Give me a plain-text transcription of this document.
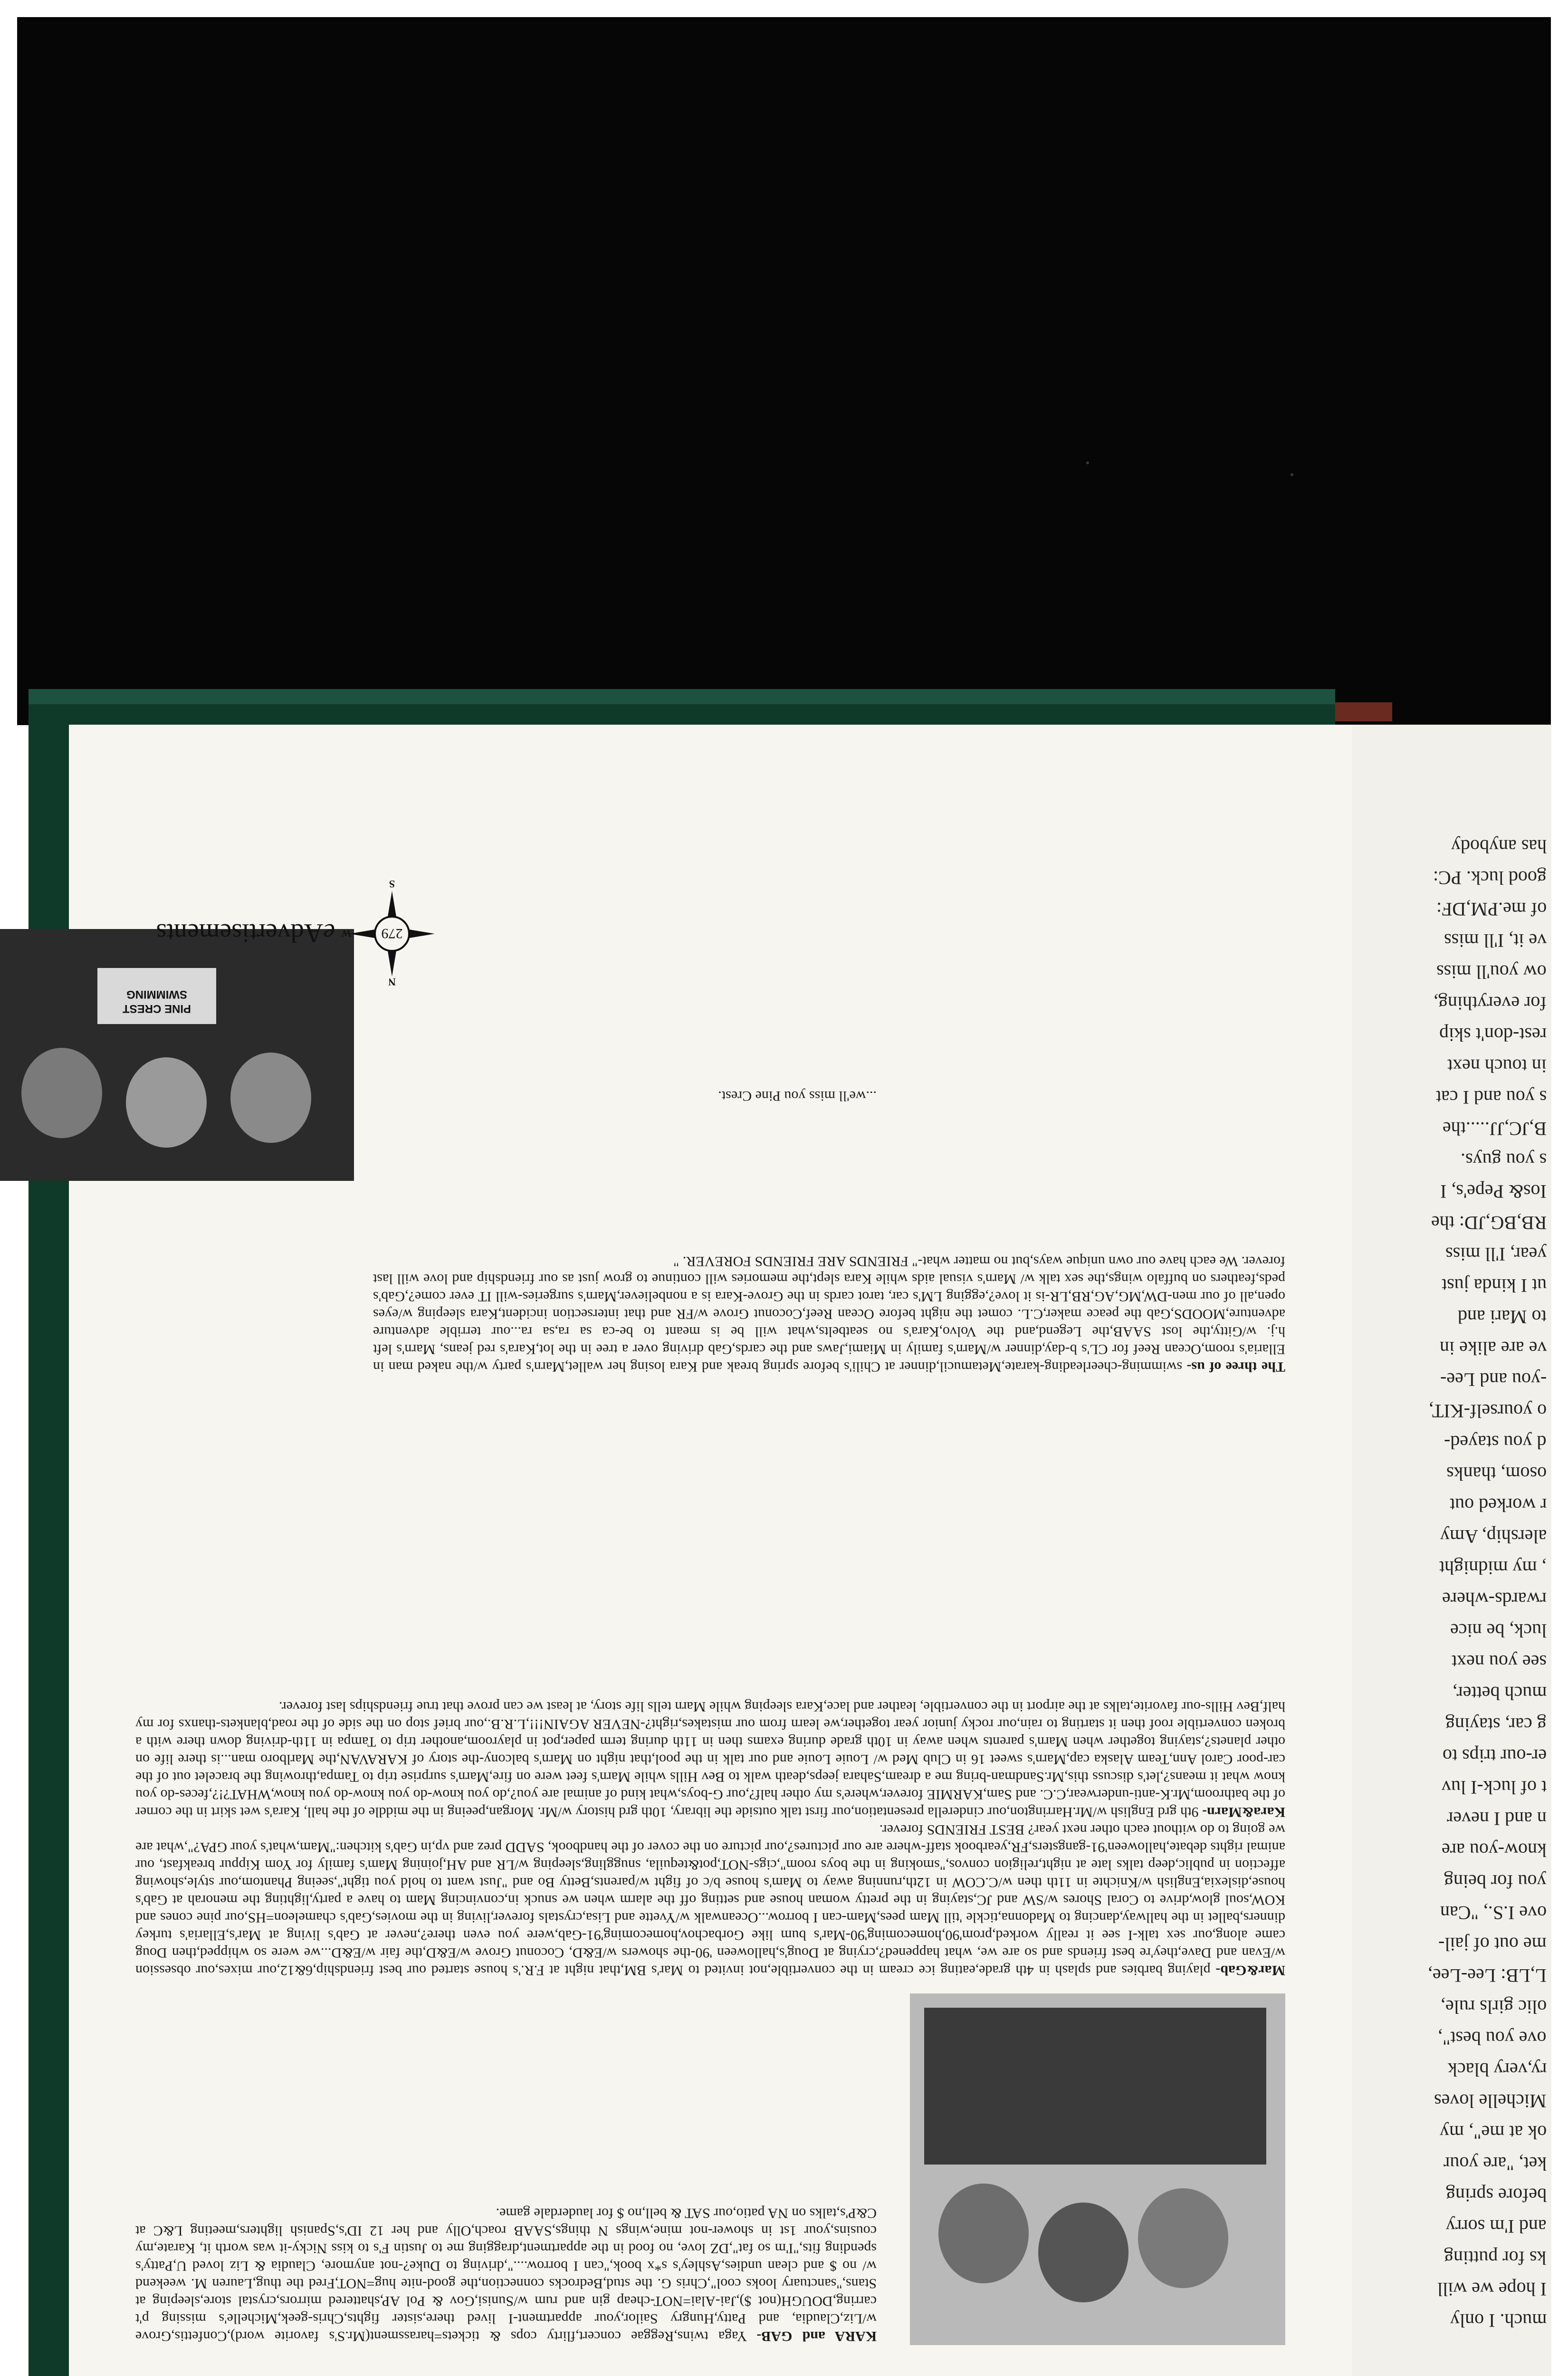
KARA and GAB- Yaga twins,Reggae concert,flirty cops & tickets=harassment(Mr.S's favorite word),Confettis,Grove w/Liz,Claudia, and Patty,Hungry Sailor,your appartment-I lived there,sister fights,Chris-geek,Michelle's missing p't carring,DOUGH(not $),Jai-Alai=NOT-cheap gin and rum w/Sunisi,Gov & Pol AP,shattered mirrors,crystal store,sleeping at Stans,"sanctuary looks cool",Chris G. the stud,Bedrocks connection,the good-nite hug=NOT,Fred the thug,Lauren M. weekend w/ no $ and clean undies,Ashley's s*x book,"can I borrow....",driving to Duke?-not anymore, Claudia & Liz loved U,Patty's spending fits,"I'm so fat",DZ love, no food in the appartment,dragging me to Justin F's to kiss Nicky-it was worth it, Karate,my cousins,your 1st in shower-not mine,wings N things,SAAB roach,Olly and her 12 ID's,Spanish lighters,meeting L&C at C&P's,talks on NA patio,our SAT & bell,no $ for lauderdale game.
Mar&Gab- playing barbies and splash in 4th grade,eating ice cream in the convertible,not invited to Mar's BM,that night at F.R.'s house started our best friendship,6&12,our mixes,our obsession w/Evan and Dave,they're best friends and so are we, what happened?,crying at Doug's,halloween '90-the showers w/E&D, Coconut Grove w/E&D,the fair w/E&D...we were so whipped,then Doug came along,our sex talk-I see it really worked,prom'90,homecoming'90-Mar's bum like Gorbachov,homecoming'91-Gab,were you even there?,never at Gab's living at Mar's,Ellaria's turkey dinners,ballet in the hallway,dancing to Madonna,tickle 'till Mam pees,Mam-can I borrow...Oceanwalk w/Yvette and Lisa,crystals forever,living in the movies,Gab's chameleon=HS,our pine cones and KOW,soul glow,drive to Coral Shores w/SW and JC,staying in the pretty woman house and setting off the alarm when we snuck in,convincing Mam to have a party,lighting the menorah at Gab's house,dislexia,English w/Knichte in 11th then w/C.COW in 12th,running away to Mam's house b/c of fight w/parents,Betty Bo and "Just want to hold you tight",seeing Phantom,our style,showing affection in public,deep talks late at night,religion convos,"smoking in the boys room",cigs-NOT,pot&tequila, snuggling,sleeping w/LR and AH,joining Mam's family for Yom Kippur breakfast, our animal rights debate,halloween'91-gangsters,FR,yearbook staff-where are our pictures?,our picture on the cover of the handbook, SADD prez and vp,in Gab's kitchen:"Mam,what's your GPA?",what are we going to do without each other next year? BEST FRIENDS forever.
Kara&Marn- 9th grd English w/Mr.Harrington,our cinderella presentation,our first talk outside the library, 10th grd history w/Mr. Morgan,peeing in the middle of the hall, Kara's wet skirt in the corner of the bathroom,Mr.K-anti-underwear,C.C. and Sam,KARMIE forever,where's my other half?,our G-boys,what kind of animal are you?,do you know-do you know-do you know,WHAT?!?,feces-do you know what it means?,let's discuss this,Mr.Sandman-bring me a dream,Sahara jeeps,death walk to Bev Hills while Marn's feet were on fire,Marn's surprise trip to Tampa,throwing the bracelet out of the car-poor Carol Ann,Team Alaska cap,Marn's sweet 16 in Club Med w/ Louie Louie and our talk in the pool,that night on Marn's balcony-the story of KARAVAN,the Marlboro man...is there life on other planets?,staying together when Marn's parents when away in 10th grade during exams then in 11th during term paper,pot in playroom,another trip to Tampa in 11th-driving down there with a broken convertible roof then it starting to rain,our rocky junior year together,we learn from our mistakes,right?-NEVER AGAIN!!!,L.R.B.,our brief stop on the side of the road,blankets-thanxs for my half,Bev Hills-our favorite,talks at the airport in the convertible, leather and lace,Kara sleeping while Marn tells life story, at least we can prove that true friendships last forever.
The three of us- swimming-cheerleading-karate,Metamucil,dinner at Chili's before spring break and Kara losing her wallet,Marn's party w/the naked man in Ellaria's room,Ocean Reef for CL's b-day,dinner w/Marn's family in Miami,Jaws and the cards,Gab driving over a tree in the lot,Kara's red jeans, Marn's left h.j. w/Gitty,the lost SAAB,the Legend,and the Volvo,Kara's no seatbelts,what will be is meant to be-ca sa ra,sa ra...our terrible adventure adventure,MOODS,Gab the peace maker,C.L. comet the night before Ocean Reef,Coconut Grove w/FR and that intersection incident,Kara sleeping w/eyes open,all of our men-DW,MG,AG,RB,LR-is it love?,egging LM's car, tarot cards in the Grove-Kara is a nonbeliever,Marn's surgeries-will IT ever come?,Gab's peds,feathers on buffalo wings,the sex talk w/ Marn's visual aids while Kara slept,the memories will continue to grow just as our friendship and love will last forever. We each have our own unique ways,but no matter what-" FRIENDS ARE FRIENDS FOREVER. "
PINE CREST SWIMMING
...we'll miss you Pine Crest.
279
N
S
W
eAdvertisements
much. I only
I hope we will
ks for putting
and I'm sorry
before spring
ket, "are your
ok at me", my
Michelle loves
ry,very black
ove you best",
olic girls rule,
L,LB: Lee-Lee,
me out of jail-
ove I.S., "Can
you for being
know-you are
n and I never
t of luck-I luv
er-our trips to
g car, staying
much better,
see you next
luck, be nice
rwards-where
, my midnight
alership, Amy
r worked out
osom, thanks
d you stayed-
o yourself-KIT,
-you and Lee-
ve are alike in
to Mari and
ut I kinda just
year, I'll miss
RB,BG,JD: the
Ios& Pepe's, I
s you guys.
B,JC,JJ.....the
s you and I cat
in touch next
rest-don't skip
for everything,
ow you'll miss
ve it, I'll miss
of me.PM,DF:
good luck. PC:
has anybody
